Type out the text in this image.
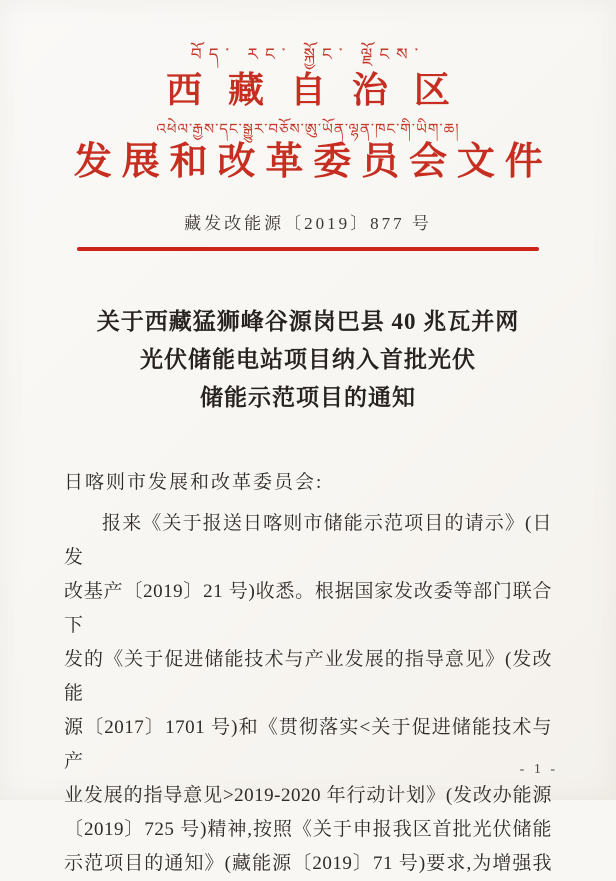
བོད་ རང་ སྐྱོང་ ལྗོངས་
西藏自治区
འཕེལ་རྒྱས་དང་སྒྱུར་བཅོས་ཨུ་ཡོན་ལྷན་ཁང་གི་ཡིག་ཆ།
发展和改革委员会文件
藏发改能源〔2019〕877 号
关于西藏猛狮峰谷源岗巴县 40 兆瓦并网
光伏储能电站项目纳入首批光伏
储能示范项目的通知
日喀则市发展和改革委员会:
报来《关于报送日喀则市储能示范项目的请示》(日发
改基产〔2019〕21 号)收悉。根据国家发改委等部门联合下
发的《关于促进储能技术与产业发展的指导意见》(发改能
源〔2017〕1701 号)和《贯彻落实<关于促进储能技术与产
业发展的指导意见>2019-2020 年行动计划》(发改办能源
〔2019〕725 号)精神,按照《关于申报我区首批光伏储能
示范项目的通知》(藏能源〔2019〕71 号)要求,为增强我
- 1 -
